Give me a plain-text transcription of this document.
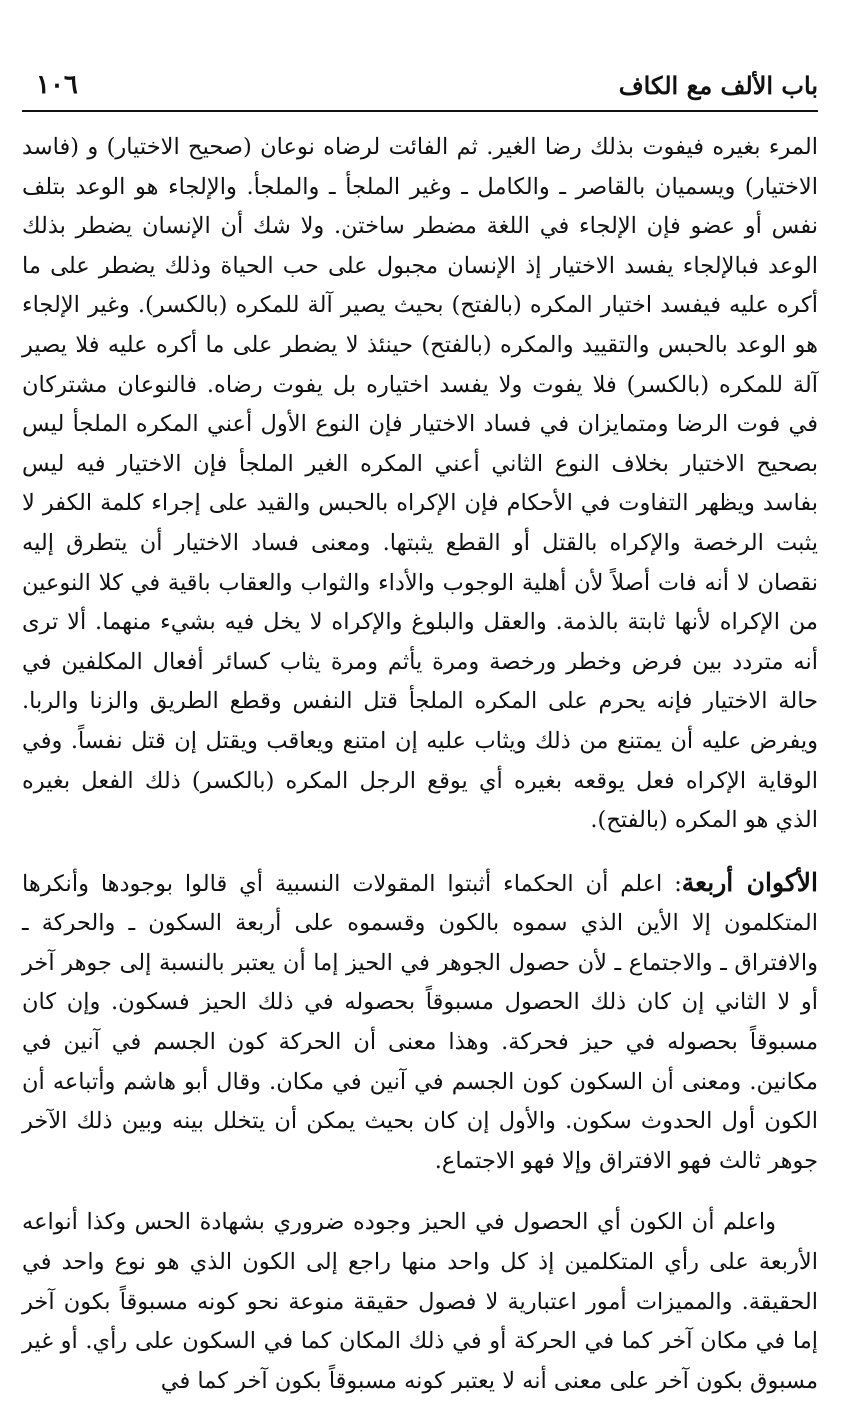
١٠٦	باب الألف مع الكاف

المرء بغيره فيفوت بذلك رضا الغير. ثم الفائت لرضاه نوعان (صحيح الاختيار) و (فاسد الاختيار) ويسميان بالقاصر ـ والكامل ـ وغير الملجأ ـ والملجأ. والإلجاء هو الوعد بتلف نفس أو عضو فإن الإلجاء في اللغة مضطر ساختن. ولا شك أن الإنسان يضطر بذلك الوعد فبالإلجاء يفسد الاختيار إذ الإنسان مجبول على حب الحياة وذلك يضطر على ما أكره عليه فيفسد اختيار المكره (بالفتح) بحيث يصير آلة للمكره (بالكسر). وغير الإلجاء هو الوعد بالحبس والتقييد والمكره (بالفتح) حينئذ لا يضطر على ما أكره عليه فلا يصير آلة للمكره (بالكسر) فلا يفوت ولا يفسد اختياره بل يفوت رضاه. فالنوعان مشتركان في فوت الرضا ومتمايزان في فساد الاختيار فإن النوع الأول أعني المكره الملجأ ليس بصحيح الاختيار بخلاف النوع الثاني أعني المكره الغير الملجأ فإن الاختيار فيه ليس بفاسد ويظهر التفاوت في الأحكام فإن الإكراه بالحبس والقيد على إجراء كلمة الكفر لا يثبت الرخصة والإكراه بالقتل أو القطع يثبتها. ومعنى فساد الاختيار أن يتطرق إليه نقصان لا أنه فات أصلاً لأن أهلية الوجوب والأداء والثواب والعقاب باقية في كلا النوعين من الإكراه لأنها ثابتة بالذمة. والعقل والبلوغ والإكراه لا يخل فيه بشيء منهما. ألا ترى أنه متردد بين فرض وخطر ورخصة ومرة يأثم ومرة يثاب كسائر أفعال المكلفين في حالة الاختيار فإنه يحرم على المكره الملجأ قتل النفس وقطع الطريق والزنا والربا. ويفرض عليه أن يمتنع من ذلك ويثاب عليه إن امتنع ويعاقب ويقتل إن قتل نفساً. وفي الوقاية الإكراه فعل يوقعه بغيره أي يوقع الرجل المكره (بالكسر) ذلك الفعل بغيره الذي هو المكره (بالفتح).

الأكوان أربعة: اعلم أن الحكماء أثبتوا المقولات النسبية أي قالوا بوجودها وأنكرها المتكلمون إلا الأين الذي سموه بالكون وقسموه على أربعة السكون ـ والحركة ـ والافتراق ـ والاجتماع ـ لأن حصول الجوهر في الحيز إما أن يعتبر بالنسبة إلى جوهر آخر أو لا الثاني إن كان ذلك الحصول مسبوقاً بحصوله في ذلك الحيز فسكون. وإن كان مسبوقاً بحصوله في حيز فحركة. وهذا معنى أن الحركة كون الجسم في آنين في مكانين. ومعنى أن السكون كون الجسم في آنين في مكان. وقال أبو هاشم وأتباعه أن الكون أول الحدوث سكون. والأول إن كان بحيث يمكن أن يتخلل بينه وبين ذلك الآخر جوهر ثالث فهو الافتراق وإلا فهو الاجتماع.

واعلم أن الكون أي الحصول في الحيز وجوده ضروري بشهادة الحس وكذا أنواعه الأربعة على رأي المتكلمين إذ كل واحد منها راجع إلى الكون الذي هو نوع واحد في الحقيقة. والمميزات أمور اعتبارية لا فصول حقيقة منوعة نحو كونه مسبوقاً بكون آخر إما في مكان آخر كما في الحركة أو في ذلك المكان كما في السكون على رأي. أو غير مسبوق بكون آخر على معنى أنه لا يعتبر كونه مسبوقاً بكون آخر كما في
